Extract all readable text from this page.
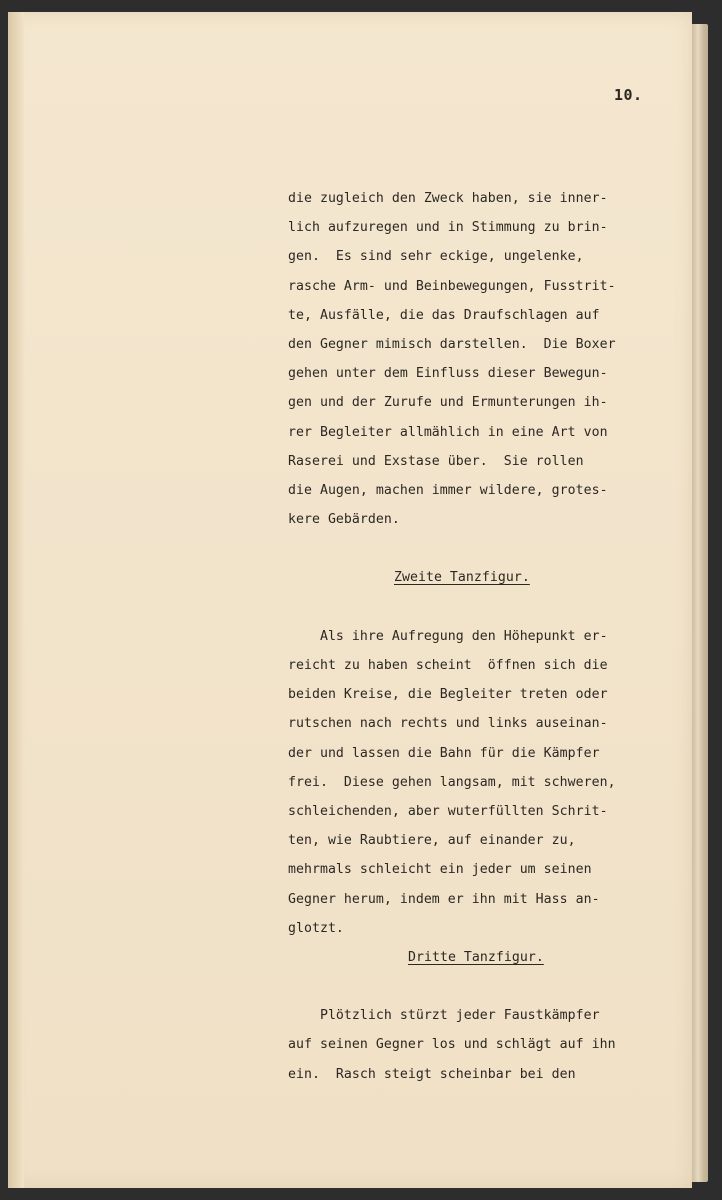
10.
die zugleich den Zweck haben, sie inner-
lich aufzuregen und in Stimmung zu brin-
gen.  Es sind sehr eckige, ungelenke,
rasche Arm- und Beinbewegungen, Fusstrit-
te, Ausfälle, die das Draufschlagen auf
den Gegner mimisch darstellen.  Die Boxer
gehen unter dem Einfluss dieser Bewegun-
gen und der Zurufe und Ermunterungen ih-
rer Begleiter allmählich in eine Art von
Raserei und Exstase über.  Sie rollen
die Augen, machen immer wildere, grotes-
kere Gebärden.
Zweite Tanzfigur.
Als ihre Aufregung den Höhepunkt er-
reicht zu haben scheint  öffnen sich die
beiden Kreise, die Begleiter treten oder
rutschen nach rechts und links auseinan-
der und lassen die Bahn für die Kämpfer
frei.  Diese gehen langsam, mit schweren,
schleichenden, aber wuterfüllten Schrit-
ten, wie Raubtiere, auf einander zu,
mehrmals schleicht ein jeder um seinen
Gegner herum, indem er ihn mit Hass an-
glotzt.
Dritte Tanzfigur.
Plötzlich stürzt jeder Faustkämpfer
auf seinen Gegner los und schlägt auf ihn
ein.  Rasch steigt scheinbar bei den
